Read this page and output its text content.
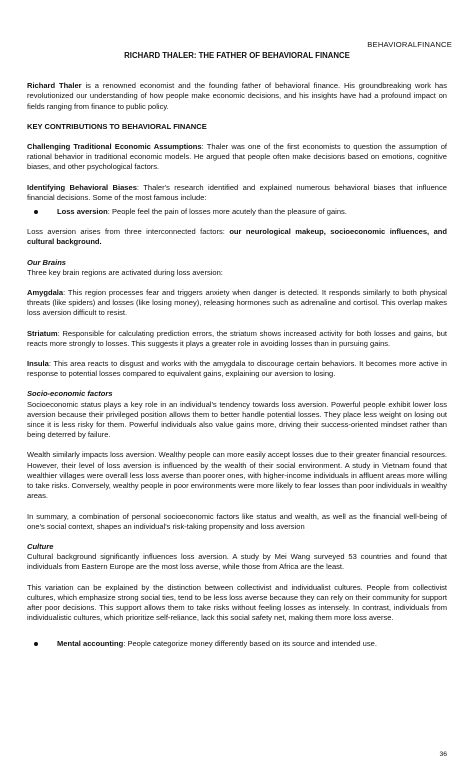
BEHAVIORALFINANCE
RICHARD THALER: THE FATHER OF BEHAVIORAL FINANCE

Richard Thaler is a renowned economist and the founding father of behavioral finance. His groundbreaking work has revolutionized our understanding of how people make economic decisions, and his insights have had a profound impact on fields ranging from finance to public policy.

KEY CONTRIBUTIONS TO BEHAVIORAL FINANCE

Challenging Traditional Economic Assumptions: Thaler was one of the first economists to question the assumption of rational behavior in traditional economic models. He argued that people often make decisions based on emotions, cognitive biases, and other psychological factors.

Identifying Behavioral Biases: Thaler's research identified and explained numerous behavioral biases that influence financial decisions. Some of the most famous include:

Loss aversion: People feel the pain of losses more acutely than the pleasure of gains.

Loss aversion arises from three interconnected factors: our neurological makeup, socioeconomic influences, and cultural background.

Our Brains
Three key brain regions are activated during loss aversion:

Amygdala: This region processes fear and triggers anxiety when danger is detected. It responds similarly to both physical threats (like spiders) and losses (like losing money), releasing hormones such as adrenaline and cortisol. This overlap makes loss aversion difficult to resist.

Striatum: Responsible for calculating prediction errors, the striatum shows increased activity for both losses and gains, but reacts more strongly to losses. This suggests it plays a greater role in avoiding losses than in pursuing gains.

Insula: This area reacts to disgust and works with the amygdala to discourage certain behaviors. It becomes more active in response to potential losses compared to equivalent gains, explaining our aversion to losing.

Socio-economic factors
Socioeconomic status plays a key role in an individual's tendency towards loss aversion. Powerful people exhibit lower loss aversion because their privileged position allows them to better handle potential losses. They place less weight on losing out since it is less risky for them. Powerful individuals also value gains more, driving their success-oriented mindset rather than being deterred by failure.

Wealth similarly impacts loss aversion. Wealthy people can more easily accept losses due to their greater financial resources. However, their level of loss aversion is influenced by the wealth of their social environment. A study in Vietnam found that wealthier villages were overall less loss averse than poorer ones, with higher-income individuals in affluent areas more willing to take risks. Conversely, wealthy people in poor environments were more likely to fear losses than poor individuals in wealthy areas.

In summary, a combination of personal socioeconomic factors like status and wealth, as well as the financial well-being of one's social context, shapes an individual's risk-taking propensity and loss aversion

Culture
Cultural background significantly influences loss aversion. A study by Mei Wang surveyed 53 countries and found that individuals from Eastern Europe are the most loss averse, while those from Africa are the least.

This variation can be explained by the distinction between collectivist and individualist cultures. People from collectivist cultures, which emphasize strong social ties, tend to be less loss averse because they can rely on their community for support after poor decisions. This support allows them to take risks without feeling losses as intensely. In contrast, individuals from individualistic cultures, which prioritize self-reliance, lack this social safety net, making them more loss averse.

Mental accounting: People categorize money differently based on its source and intended use.
36
